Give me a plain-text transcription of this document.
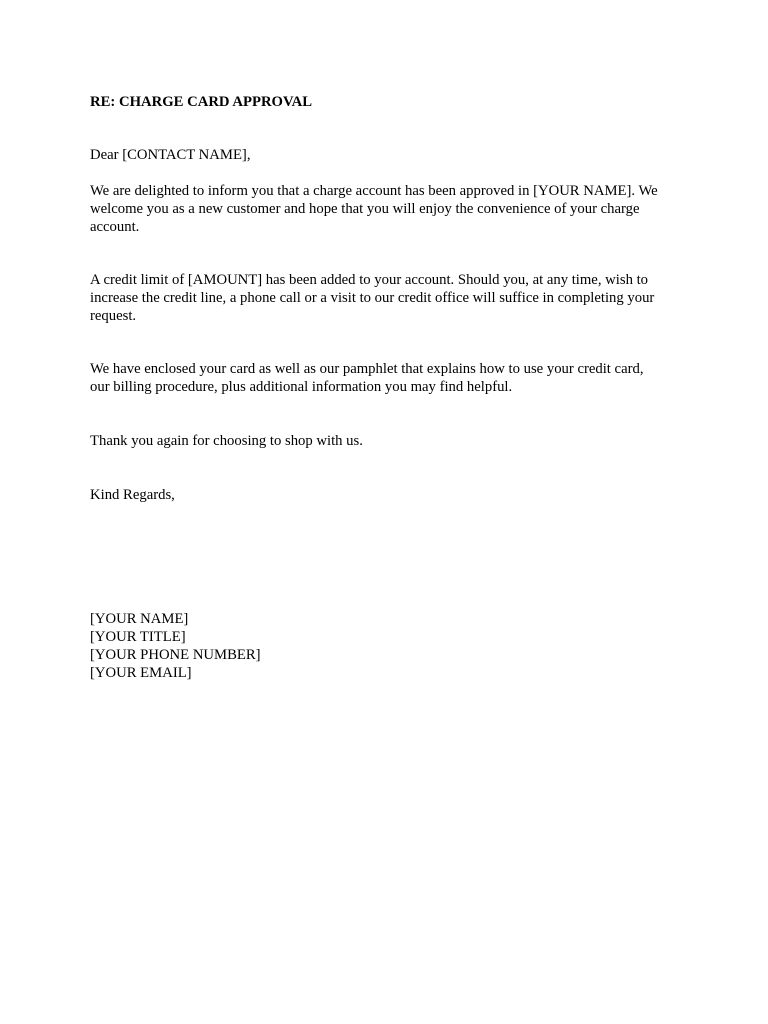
RE: CHARGE CARD APPROVAL
Dear [CONTACT NAME],
We are delighted to inform you that a charge account has been approved in [YOUR NAME]. We
welcome you as a new customer and hope that you will enjoy the convenience of your charge
account.
A credit limit of [AMOUNT] has been added to your account. Should you, at any time, wish to
increase the credit line, a phone call or a visit to our credit office will suffice in completing your
request.
We have enclosed your card as well as our pamphlet that explains how to use your credit card,
our billing procedure, plus additional information you may find helpful.
Thank you again for choosing to shop with us.
Kind Regards,
[YOUR NAME]
[YOUR TITLE]
[YOUR PHONE NUMBER]
[YOUR EMAIL]
